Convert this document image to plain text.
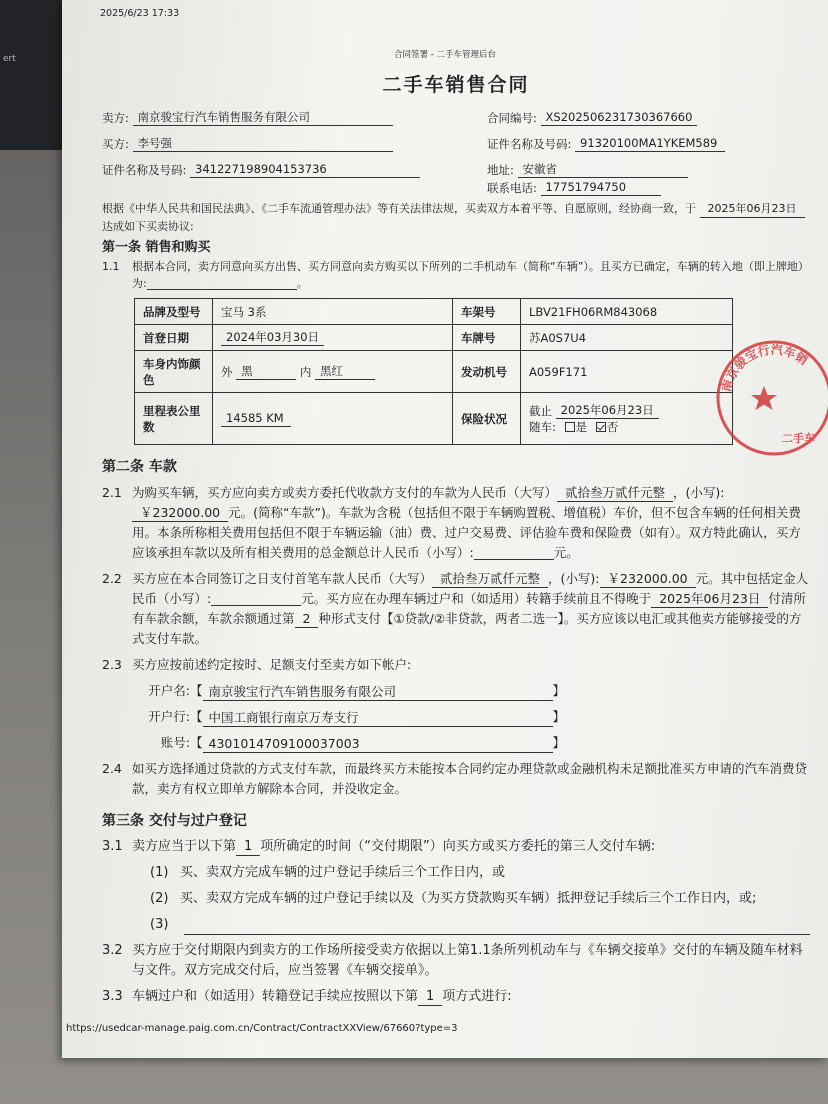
ert
2025/6/23 17:33
合同签署 - 二手车管理后台
二手车销售合同
卖方: 南京骏宝行汽车销售服务有限公司	合同编号: XS202506231730367660
买方: 李号强	证件名称及号码: 91320100MA1YKEM589
证件名称及号码: 341227198904153736	地址: 安徽省
联系电话: 17751794750

根据《中华人民共和国民法典》、《二手车流通管理办法》等有关法律法规，买卖双方本着平等、自愿原则，经协商一致，于 2025年06月23日 达成如下买卖协议:

第一条 销售和购买
1.1	根据本合同，卖方同意向买方出售、买方同意向卖方购买以下所列的二手机动车（简称“车辆”）。且买方已确定，车辆的转入地（即上牌地）为:	。
品牌及型号	宝马 3系	车架号	LBV21FH06RM843068
首登日期	2024年03月30日	车牌号	苏A0S7U4
车身内饰颜色	外 黑 内 黑红	发动机号	A059F171
里程表公里数	14585 KM	保险状况	截止 2025年06月23日
随车: 是 否
第二条 车款
2.1 为购买车辆，买方应向卖方或卖方委托代收款方支付的车款为人民币（大写） 贰拾叁万贰仟元整 ，(小写):￥232000.00 元。(简称“车款”)。车款为含税（包括但不限于车辆购置税、增值税）车价，但不包含车辆的任何相关费用。本条所称相关费用包括但不限于车辆运输（油）费、过户交易费、评估验车费和保险费（如有）。双方特此确认，买方应该承担车款以及所有相关费用的总金额总计人民币（小写）:	元。
2.2 买方应在本合同签订之日支付首笔车款人民币（大写） 贰拾叁万贰仟元整 ，(小写): ￥232000.00 元。其中包括定金人民币（小写）:	元。买方应在办理车辆过户和（如适用）转籍手续前且不得晚于 2025年06月23日 付清所有车款余额，车款余额通过第 2 种形式支付【①贷款/②非贷款，两者二选一】。买方应该以电汇或其他卖方能够接受的方式支付车款。
2.3 买方应按前述约定按时、足额支付至卖方如下帐户:
开户名: 【 南京骏宝行汽车销售服务有限公司	】
开户行: 【 中国工商银行南京万寿支行	】
账号: 【 4301014709100037003	】
2.4 如买方选择通过贷款的方式支付车款，而最终买方未能按本合同约定办理贷款或金融机构未足额批准买方申请的汽车消费贷款，卖方有权立即单方解除本合同，并没收定金。
第三条 交付与过户登记
3.1 卖方应当于以下第 1 项所确定的时间（“交付期限”）向买方或买方委托的第三人交付车辆:
(1) 买、卖双方完成车辆的过户登记手续后三个工作日内，或
(2) 买、卖双方完成车辆的过户登记手续以及（为买方贷款购买车辆）抵押登记手续后三个工作日内，或;
(3)
3.2 买方应于交付期限内到卖方的工作场所接受卖方依据以上第1.1条所列机动车与《车辆交接单》交付的车辆及随车材料与文件。双方完成交付后，应当签署《车辆交接单》。
3.3 车辆过户和（如适用）转籍登记手续应按照以下第 1 项方式进行:
南京骏宝行汽车销
二手车
https://usedcar-manage.paig.com.cn/Contract/ContractXXView/67660?type=3
